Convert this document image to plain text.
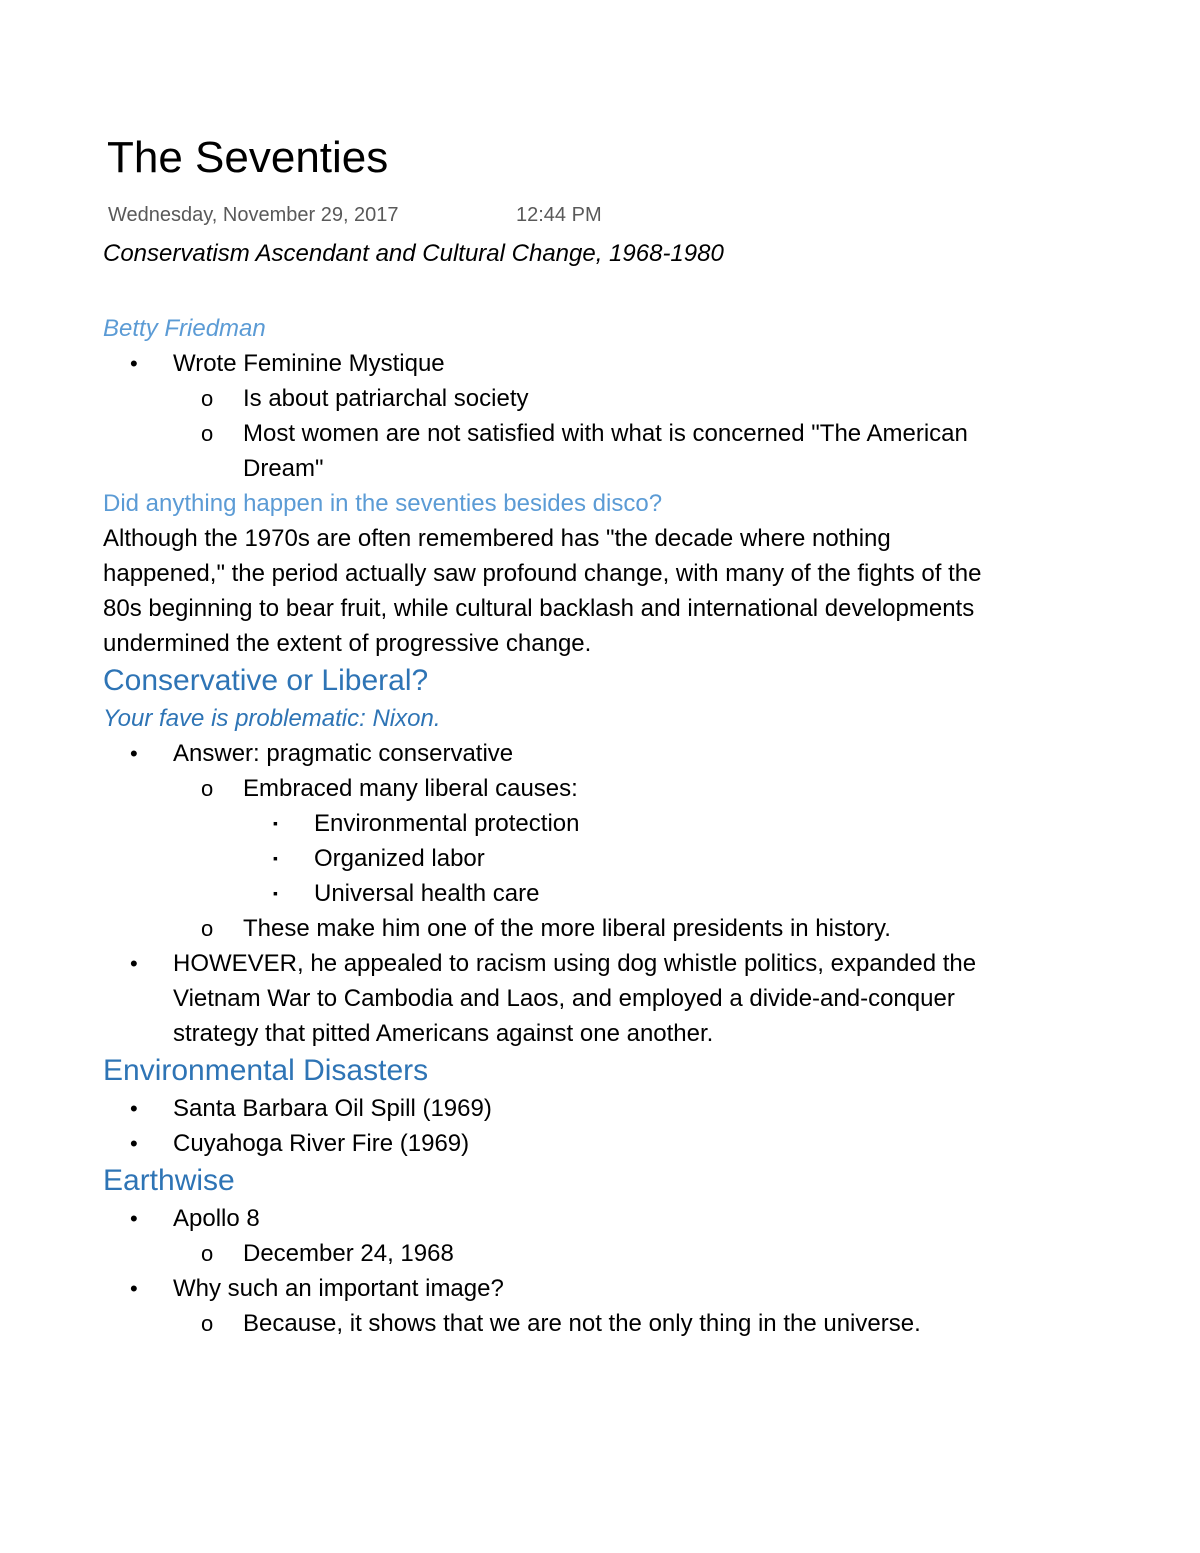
The Seventies
Wednesday, November 29, 2017	12:44 PM

Conservatism Ascendant and Cultural Change, 1968-1980

Betty Friedman

• Wrote Feminine Mystique
o Is about patriarchal society
o Most women are not satisfied with what is concerned "The American Dream"

Did anything happen in the seventies besides disco?

Although the 1970s are often remembered has "the decade where nothing happened," the period actually saw profound change, with many of the fights of the 80s beginning to bear fruit, while cultural backlash and international developments undermined the extent of progressive change.

Conservative or Liberal?

Your fave is problematic: Nixon.

• Answer: pragmatic conservative
o Embraced many liberal causes:
▪ Environmental protection
▪ Organized labor
▪ Universal health care
o These make him one of the more liberal presidents in history.
• HOWEVER, he appealed to racism using dog whistle politics, expanded the Vietnam War to Cambodia and Laos, and employed a divide-and-conquer strategy that pitted Americans against one another.

Environmental Disasters

• Santa Barbara Oil Spill (1969)
• Cuyahoga River Fire (1969)

Earthwise

• Apollo 8
o December 24, 1968
• Why such an important image?
o Because, it shows that we are not the only thing in the universe.
